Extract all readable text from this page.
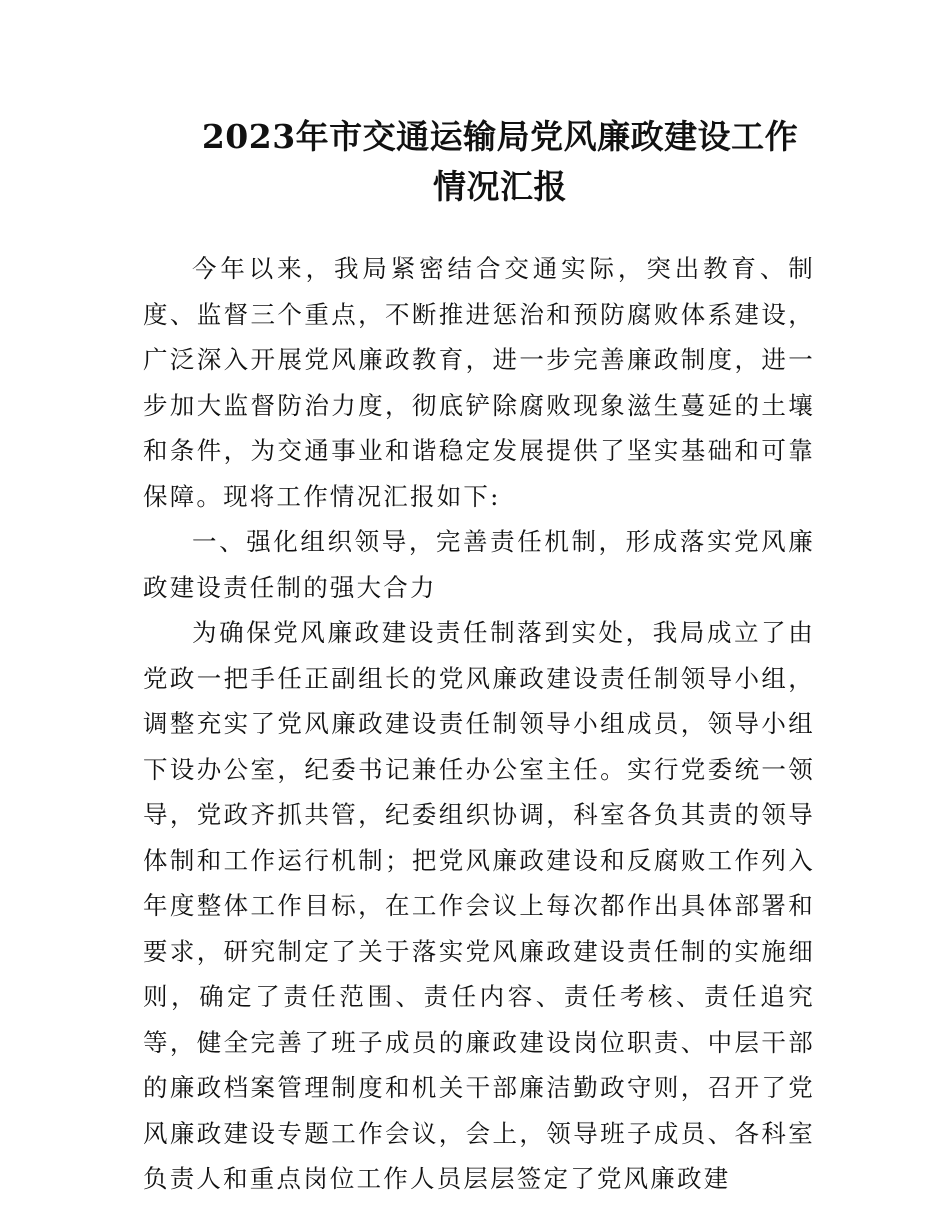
2023年市交通运输局党风廉政建设工作
情况汇报

今年以来，我局紧密结合交通实际，突出教育、制度、监督三个重点，不断推进惩治和预防腐败体系建设，广泛深入开展党风廉政教育，进一步完善廉政制度，进一步加大监督防治力度，彻底铲除腐败现象滋生蔓延的土壤和条件，为交通事业和谐稳定发展提供了坚实基础和可靠保障。现将工作情况汇报如下:

一、强化组织领导，完善责任机制，形成落实党风廉政建设责任制的强大合力

为确保党风廉政建设责任制落到实处，我局成立了由党政一把手任正副组长的党风廉政建设责任制领导小组，调整充实了党风廉政建设责任制领导小组成员，领导小组下设办公室，纪委书记兼任办公室主任。实行党委统一领导，党政齐抓共管，纪委组织协调，科室各负其责的领导体制和工作运行机制；把党风廉政建设和反腐败工作列入年度整体工作目标，在工作会议上每次都作出具体部署和要求，研究制定了关于落实党风廉政建设责任制的实施细则，确定了责任范围、责任内容、责任考核、责任追究等，健全完善了班子成员的廉政建设岗位职责、中层干部的廉政档案管理制度和机关干部廉洁勤政守则，召开了党风廉政建设专题工作会议，会上，领导班子成员、各科室负责人和重点岗位工作人员层层签定了党风廉政建
